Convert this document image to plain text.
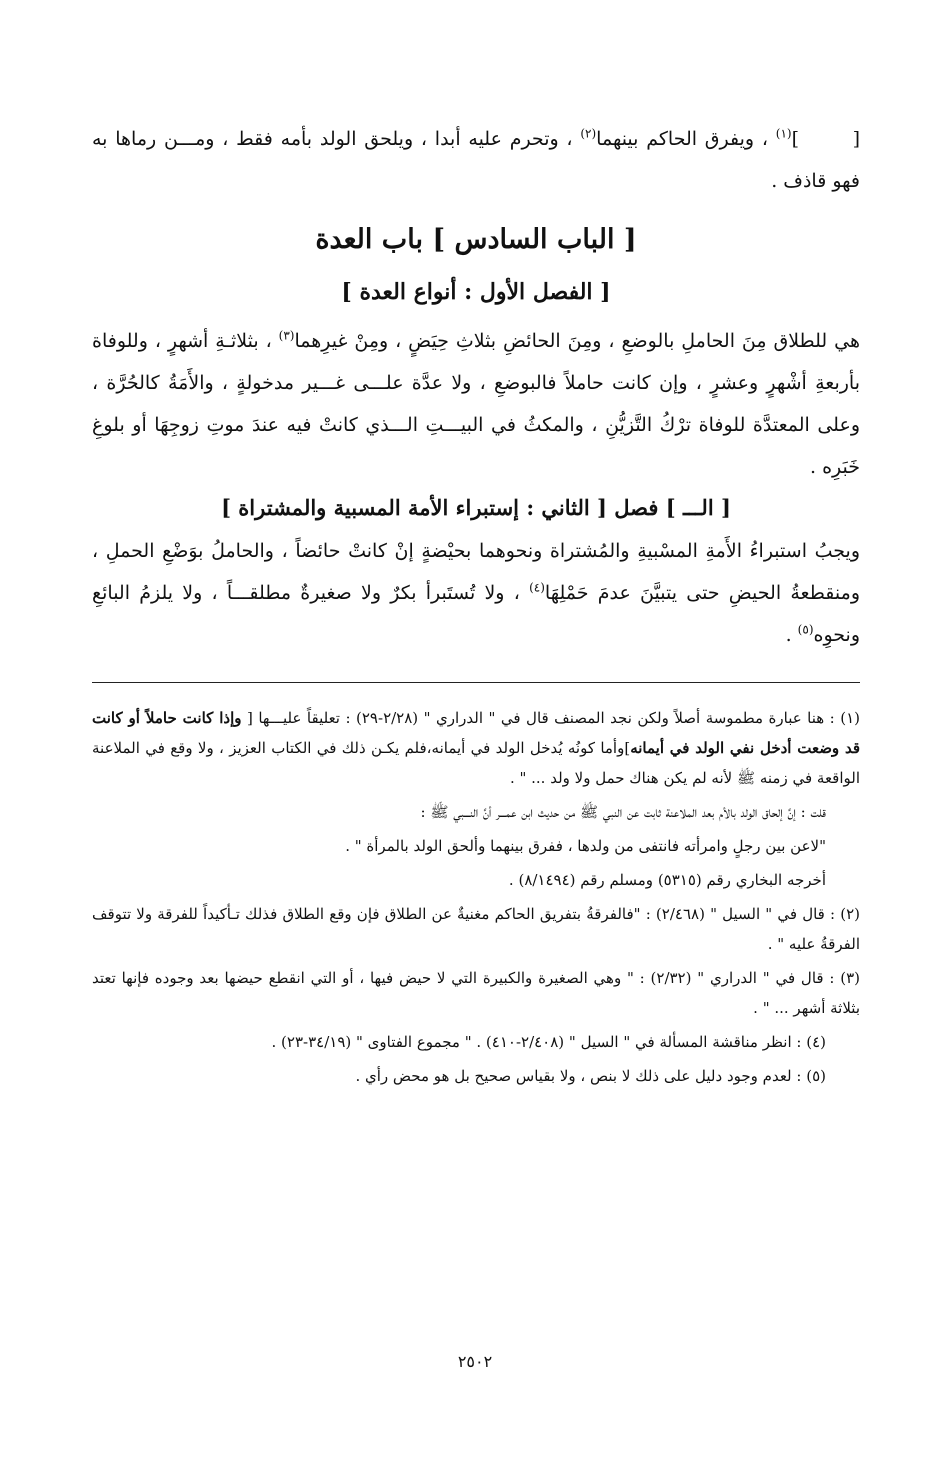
[    ]$^{(١)}$ ، ويفرق الحاكم بينهما$^{(٢)}$ ، وتحرم عليه أبدا ، ويلحق الولد بأمه فقط ، ومـــن رماها به فهو قاذف .

[ الباب السادس ] باب العدة
[ الفصل الأول : أنواع العدة ]

هي للطلاق مِنَ الحاملِ بالوضعِ ، ومِنَ الحائضِ بثلاثِ حِيَضٍ ، ومِنْ غيرِهما$^{(٣)}$ ، بثلاثـةِ أشهرٍ ، وللوفاة بأربعةِ أشْهرٍ وعشرٍ ، وإن كانت حاملاً فالبوضعِ ، ولا عدَّة علـــى غـــير مدخولةٍ ، والأَمَةُ كالحُرَّة ، وعلى المعتدَّة للوفاة ترْكُ التَّزيُّنِ ، والمكثُ في البيـــتِ الـــذي كانتْ فيه عندَ موتِ زوجِهَا أو بلوغِ خَبَرِه .

[ الـــ ] فصل [ الثاني : إستبراء الأمة المسبية والمشتراة ]

ويجبُ استبراءُ الأَمةِ المسْبيةِ والمُشتراة ونحوهما بحيْضةٍ إنْ كانتْ حائضاً ، والحاملُ بوَضْعِ الحملِ ، ومنقطعةُ الحيضِ حتى يتبيَّنَ عدمَ حَمْلِهَا$^{(٤)}$ ، ولا تُستَبرأ بكرٌ ولا صغيرةٌ مطلقـــاً ، ولا يلزمُ البائعِ ونحوِه$^{(٥)}$ .

(١) : هنا عبارة مطموسة أصلاً ولكن نجد المصنف قال في " الدراري " (٢/٢٨-٢٩) : تعليقاً عليـــها [ وإذا كانت حاملاً أو كانت قد وضعت أدخل نفي الولد في أيمانه]وأما كونُه يُدخل الولد في أيمانه،فلم يكـن ذلك في الكتاب العزيز ، ولا وقع في الملاعنة الواقعة في زمنه ﷺ لأنه لم يكن هناك حمل ولا ولد ... " .

قلت : إنَّ إلحاق الولد بالأم بعد الملاعنة ثابت عن النبي ﷺ من حديث ابن عمـــر أنَّ النـــبي ﷺ :

"لاعن بين رجلٍ وامرأته فانتفى من ولدها ، ففرق بينهما وألحق الولد بالمرأة " .

أخرجه البخاري رقم (٥٣١٥) ومسلم رقم (٨/١٤٩٤) .

(٢) : قال في " السيل " (٢/٤٦٨) : "فالفرقةُ بتفريق الحاكم مغنيةٌ عن الطلاق فإن وقع الطلاق فذلك تـأكيداً للفرقة ولا تتوقف الفرقةُ عليه " .

(٣) : قال في " الدراري " (٢/٣٢) : " وهي الصغيرة والكبيرة التي لا حيض فيها ، أو التي انقطع حيضها بعد وجوده فإنها تعتد بثلاثة أشهر ... " .

(٤) : انظر مناقشة المسألة في " السيل " (٢/٤٠٨-٤١٠) . " مجموع الفتاوى " (٣٤/١٩-٢٣) .

(٥) : لعدم وجود دليل على ذلك لا بنص ، ولا بقياس صحيح بل هو محض رأي .

٢٥٠٢
